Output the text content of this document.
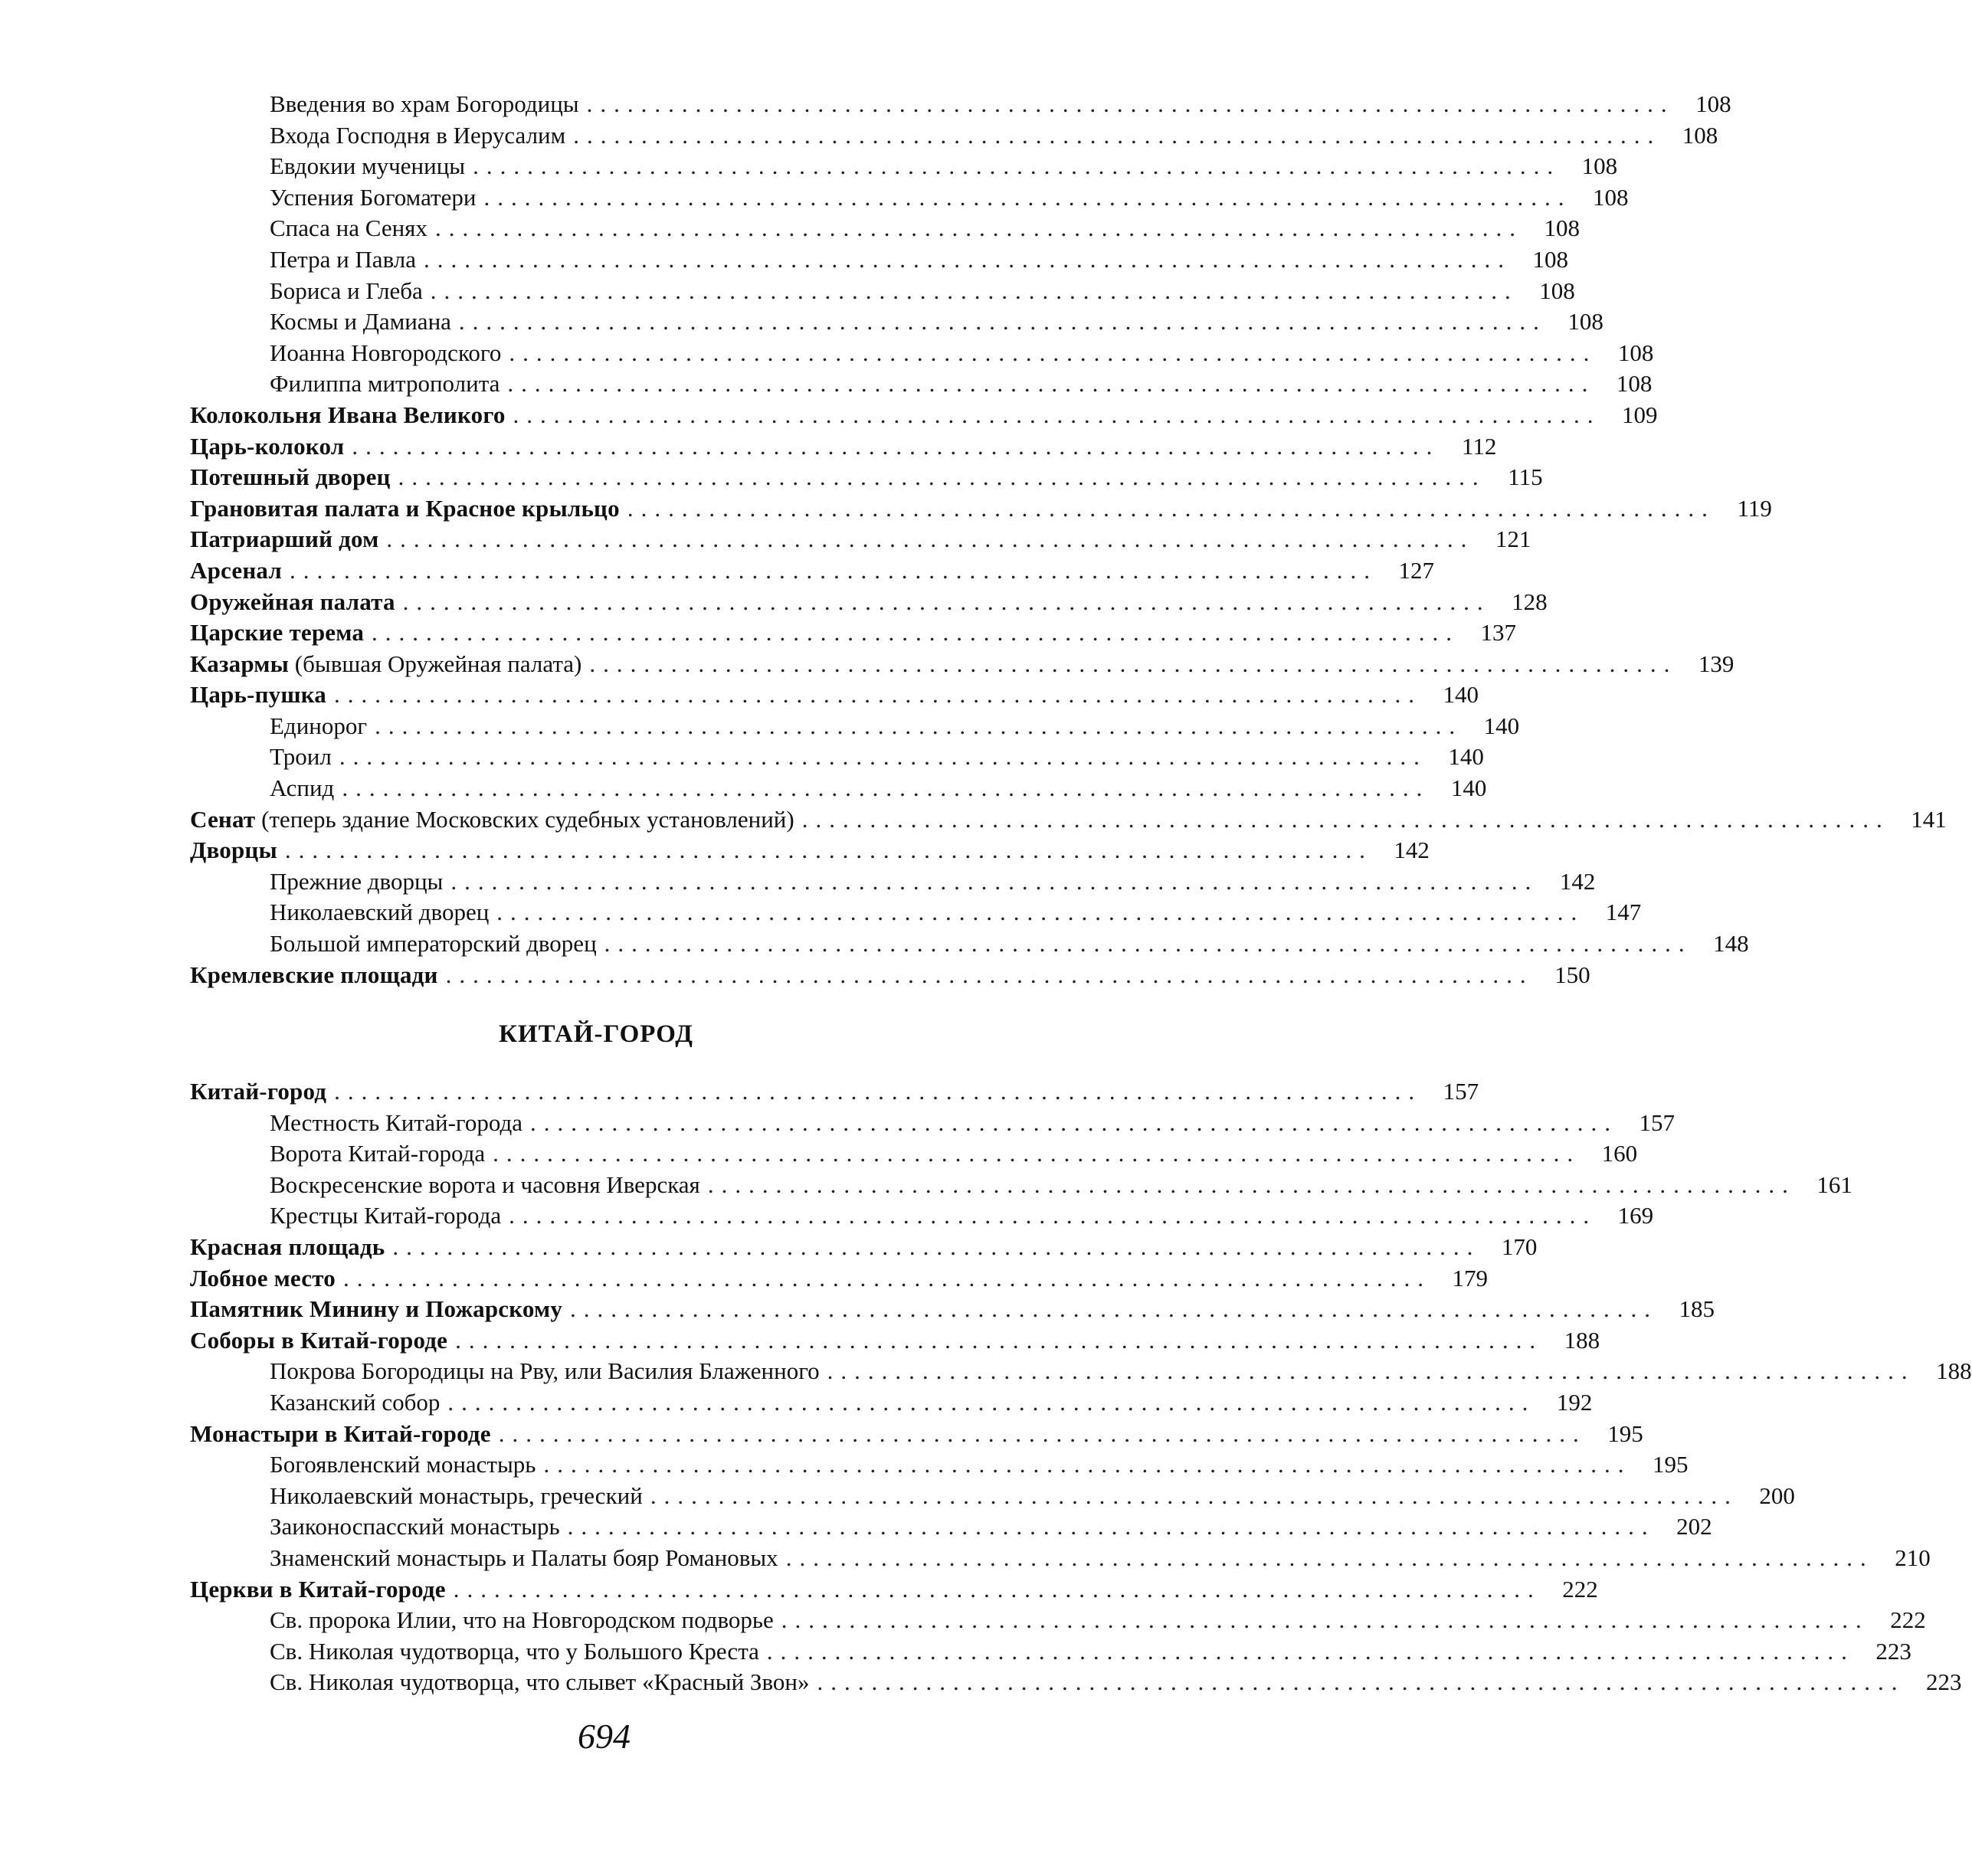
Введения во храм Богородицы ................................................................................ 108
Входа Господня в Иерусалим ................................................................................ 108
Евдокии мученицы ................................................................................ 108
Успения Богоматери ................................................................................ 108
Спаса на Сенях ................................................................................ 108
Петра и Павла ................................................................................ 108
Бориса и Глеба ................................................................................ 108
Космы и Дамиана ................................................................................ 108
Иоанна Новгородского ................................................................................ 108
Филиппа митрополита ................................................................................ 108
Колокольня Ивана Великого ................................................................................ 109
Царь-колокол ................................................................................ 112
Потешный дворец ................................................................................ 115
Грановитая палата и Красное крыльцо ................................................................................ 119
Патриарший дом ................................................................................ 121
Арсенал ................................................................................ 127
Оружейная палата ................................................................................ 128
Царские терема ................................................................................ 137
Казармы (бывшая Оружейная палата) ................................................................................ 139
Царь-пушка ................................................................................ 140
Единорог ................................................................................ 140
Троил ................................................................................ 140
Аспид ................................................................................ 140
Сенат (теперь здание Московских судебных установлений) ................................................................................ 141
Дворцы ................................................................................ 142
Прежние дворцы ................................................................................ 142
Николаевский дворец ................................................................................ 147
Большой императорский дворец ................................................................................ 148
Кремлевские площади ................................................................................ 150
КИТАЙ-ГОРОД
Китай-город ................................................................................ 157
Местность Китай-города ................................................................................ 157
Ворота Китай-города ................................................................................ 160
Воскресенские ворота и часовня Иверская ................................................................................ 161
Крестцы Китай-города ................................................................................ 169
Красная площадь ................................................................................ 170
Лобное место ................................................................................ 179
Памятник Минину и Пожарскому ................................................................................ 185
Соборы в Китай-городе ................................................................................ 188
Покрова Богородицы на Рву, или Василия Блаженного ................................................................................ 188
Казанский собор ................................................................................ 192
Монастыри в Китай-городе ................................................................................ 195
Богоявленский монастырь ................................................................................ 195
Николаевский монастырь, греческий ................................................................................ 200
Заиконоспасский монастырь ................................................................................ 202
Знаменский монастырь и Палаты бояр Романовых ................................................................................ 210
Церкви в Китай-городе ................................................................................ 222
Св. пророка Илии, что на Новгородском подворье ................................................................................ 222
Св. Николая чудотворца, что у Большого Креста ................................................................................ 223
Св. Николая чудотворца, что слывет «Красный Звон» ................................................................................ 223
694
